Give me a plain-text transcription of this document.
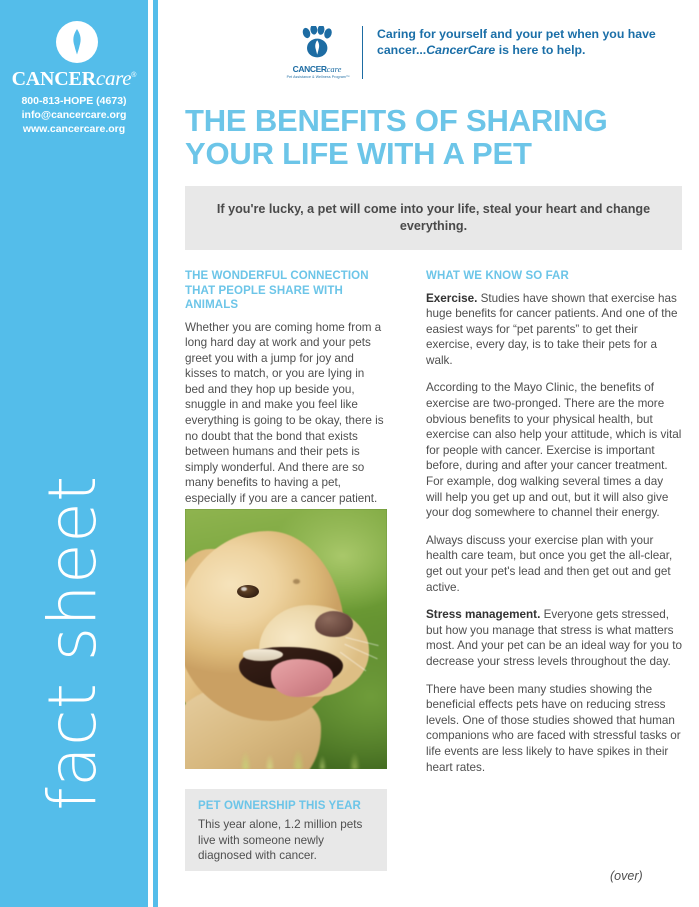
CANCERcare®
800-813-HOPE (4673)
info@cancercare.org
www.cancercare.org
fact sheet
CANCERcare
Pet Assistance & Wellness Program™
Caring for yourself and your pet when you have cancer...CancerCare is here to help.
THE BENEFITS OF SHARING YOUR LIFE WITH A PET
If you're lucky, a pet will come into your life, steal your heart and change everything.
THE WONDERFUL CONNECTION THAT PEOPLE SHARE WITH ANIMALS

Whether you are coming home from a long hard day at work and your pets greet you with a jump for joy and kisses to match, or you are lying in bed and they hop up beside you, snuggle in and make you feel like everything is going to be okay, there is no doubt that the bond that exists between humans and their pets is simply wonderful. And there are so many benefits to having a pet, especially if you are a cancer patient.

PET OWNERSHIP THIS YEAR
This year alone, 1.2 million pets live with someone newly diagnosed with cancer.
WHAT WE KNOW SO FAR

Exercise. Studies have shown that exercise has huge benefits for cancer patients. And one of the easiest ways for “pet parents” to get their exercise, every day, is to take their pets for a walk.

According to the Mayo Clinic, the benefits of exercise are two-pronged. There are the more obvious benefits to your physical health, but exercise can also help your attitude, which is vital for people with cancer. Exercise is important before, during and after your cancer treatment. For example, dog walking several times a day will help you get up and out, but it will also give your dog somewhere to channel their energy.

Always discuss your exercise plan with your health care team, but once you get the all-clear, get out your pet's lead and then get out and get active.

Stress management. Everyone gets stressed, but how you manage that stress is what matters most. And your pet can be an ideal way for you to decrease your stress levels throughout the day.

There have been many studies showing the beneficial effects pets have on reducing stress levels. One of those studies showed that human companions who are faced with stressful tasks or life events are less likely to have spikes in their heart rates.

(over)
